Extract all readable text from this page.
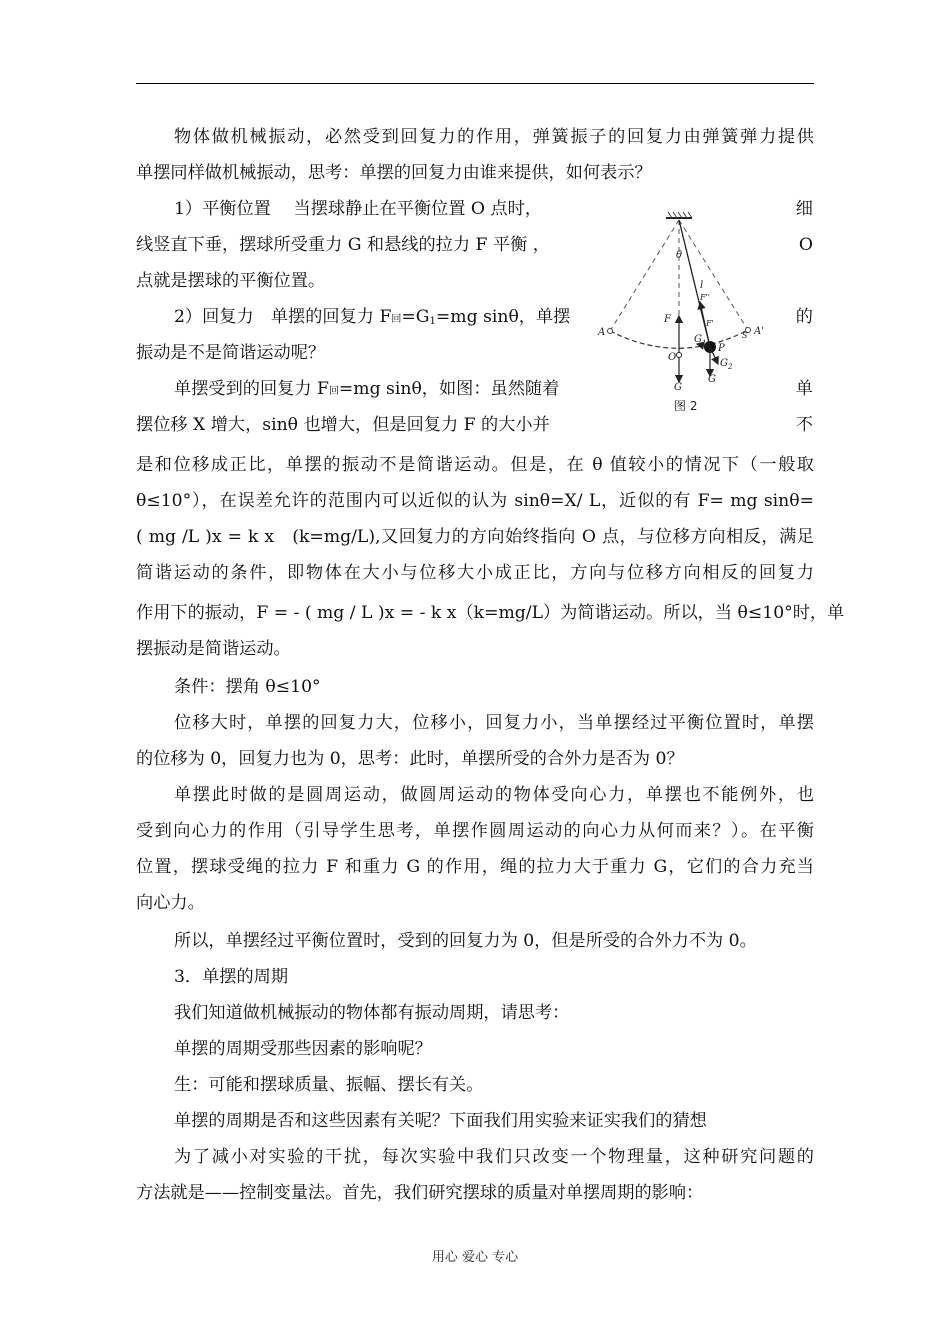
物体做机械振动，必然受到回复力的作用，弹簧振子的回复力由弹簧弹力提供
单摆同样做机械振动，思考：单摆的回复力由谁来提供，如何表示？
1）平衡位置　 当摆球静止在平衡位置 O 点时，	细
线竖直下垂，摆球所受重力 G 和悬线的拉力 F 平衡 ，	O
点就是摆球的平衡位置。
2）回复力　单摆的回复力 F回$=G_1=mg$ sinθ，单摆	的
振动是不是简谐运动呢？
单摆受到的回复力 F回=mg sinθ，如图：虽然随着	单
摆位移 X 增大，sinθ 也增大，但是回复力 F 的大小并	不
是和位移成正比，单摆的振动不是简谐运动。但是，在 θ 值较小的情况下（一般取
θ≤10°），在误差允许的范围内可以近似的认为 sinθ=X/ L，近似的有 F= mg sinθ=
( mg /L )x = k x　(k=mg/L),又回复力的方向始终指向 O 点，与位移方向相反，满足
简谐运动的条件，即物体在大小与位移大小成正比，方向与位移方向相反的回复力
作用下的振动，F = - ( mg / L )x = - k x（k=mg/L）为简谐运动。所以，当 θ≤10°时，单
摆振动是简谐运动。
条件：摆角 θ≤10°
位移大时，单摆的回复力大，位移小，回复力小，当单摆经过平衡位置时，单摆
的位移为 0，回复力也为 0，思考：此时，单摆所受的合外力是否为 0？
单摆此时做的是圆周运动，做圆周运动的物体受向心力，单摆也不能例外，也
受到向心力的作用（引导学生思考，单摆作圆周运动的向心力从何而来？）。在平衡
位置，摆球受绳的拉力 F 和重力 G 的作用，绳的拉力大于重力 G，它们的合力充当
向心力。
所以，单摆经过平衡位置时，受到的回复力为 0，但是所受的合外力不为 0。
3．单摆的周期
我们知道做机械振动的物体都有振动周期，请思考：
单摆的周期受那些因素的影响呢？
生：可能和摆球质量、振幅、摆长有关。
单摆的周期是否和这些因素有关呢？下面我们用实验来证实我们的猜想
为了减小对实验的干扰，每次实验中我们只改变一个物理量，这种研究问题的
方法就是——控制变量法。首先，我们研究摆球的质量对单摆周期的影响：
θ
l
F''
F	F'
A	A'
S
O
$G_1$ P
$G_2$
G
G
图 2
用心 爱心 专心
